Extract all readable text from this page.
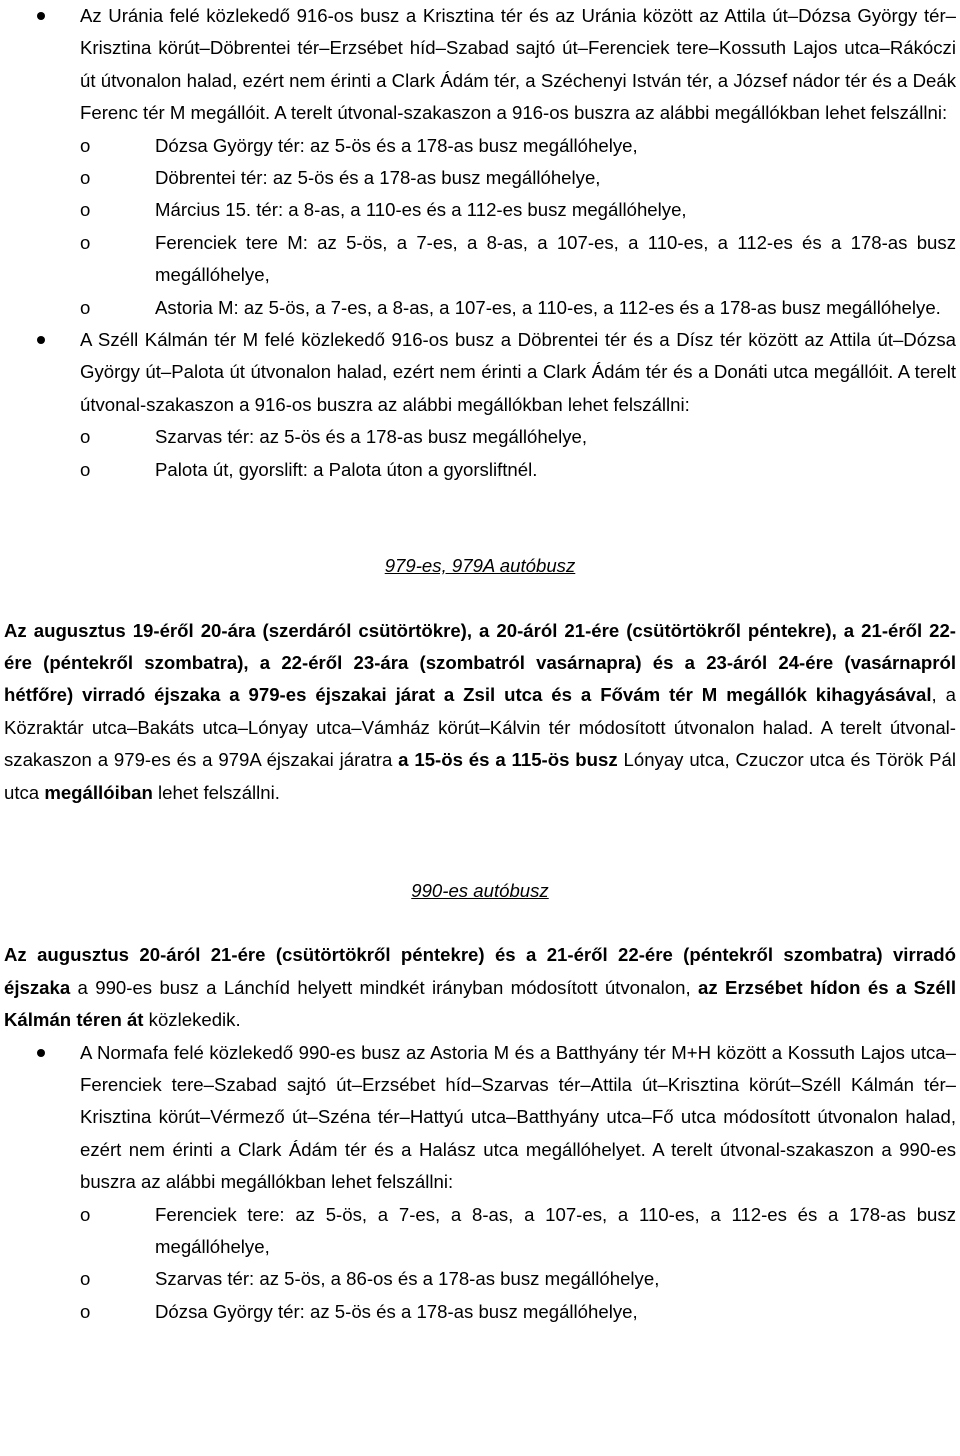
Az Uránia felé közlekedő 916-os busz a Krisztina tér és az Uránia között az Attila út–Dózsa György tér–Krisztina körút–Döbrentei tér–Erzsébet híd–Szabad sajtó út–Ferenciek tere–Kossuth Lajos utca–Rákóczi út útvonalon halad, ezért nem érinti a Clark Ádám tér, a Széchenyi István tér, a József nádor tér és a Deák Ferenc tér M megállóit. A terelt útvonal-szakaszon a 916-os buszra az alábbi megállókban lehet felszállni:
o	Dózsa György tér: az 5-ös és a 178-as busz megállóhelye,
o	Döbrentei tér: az 5-ös és a 178-as busz megállóhelye,
o	Március 15. tér: a 8-as, a 110-es és a 112-es busz megállóhelye,
o	Ferenciek tere M: az 5-ös, a 7-es, a 8-as, a 107-es, a 110-es, a 112-es és a 178-as busz megállóhelye,
o	Astoria M: az 5-ös, a 7-es, a 8-as, a 107-es, a 110-es, a 112-es és a 178-as busz megállóhelye.
A Széll Kálmán tér M felé közlekedő 916-os busz a Döbrentei tér és a Dísz tér között az Attila út–Dózsa György út–Palota út útvonalon halad, ezért nem érinti a Clark Ádám tér és a Donáti utca megállóit. A terelt útvonal-szakaszon a 916-os buszra az alábbi megállókban lehet felszállni:
o	Szarvas tér: az 5-ös és a 178-as busz megállóhelye,
o	Palota út, gyorslift: a Palota úton a gyorsliftnél.

979-es, 979A autóbusz

Az augusztus 19-éről 20-ára (szerdáról csütörtökre), a 20-áról 21-ére (csütörtökről péntekre), a 21-éről 22-ére (péntekről szombatra), a 22-éről 23-ára (szombatról vasárnapra) és a 23-áról 24-ére (vasárnapról hétfőre) virradó éjszaka a 979-es éjszakai járat a Zsil utca és a Fővám tér M megállók kihagyásával, a Közraktár utca–Bakáts utca–Lónyay utca–Vámház körút–Kálvin tér módosított útvonalon halad. A terelt útvonal-szakaszon a 979-es és a 979A éjszakai járatra a 15-ös és a 115-ös busz Lónyay utca, Czuczor utca és Török Pál utca megállóiban lehet felszállni.

990-es autóbusz

Az augusztus 20-áról 21-ére (csütörtökről péntekre) és a 21-éről 22-ére (péntekről szombatra) virradó éjszaka a 990-es busz a Lánchíd helyett mindkét irányban módosított útvonalon, az Erzsébet hídon és a Széll Kálmán téren át közlekedik.
A Normafa felé közlekedő 990-es busz az Astoria M és a Batthyány tér M+H között a Kossuth Lajos utca–Ferenciek tere–Szabad sajtó út–Erzsébet híd–Szarvas tér–Attila út–Krisztina körút–Széll Kálmán tér–Krisztina körút–Vérmező út–Széna tér–Hattyú utca–Batthyány utca–Fő utca módosított útvonalon halad, ezért nem érinti a Clark Ádám tér és a Halász utca megállóhelyet. A terelt útvonal-szakaszon a 990-es buszra az alábbi megállókban lehet felszállni:
o	Ferenciek tere: az 5-ös, a 7-es, a 8-as, a 107-es, a 110-es, a 112-es és a 178-as busz megállóhelye,
o	Szarvas tér: az 5-ös, a 86-os és a 178-as busz megállóhelye,
o	Dózsa György tér: az 5-ös és a 178-as busz megállóhelye,
